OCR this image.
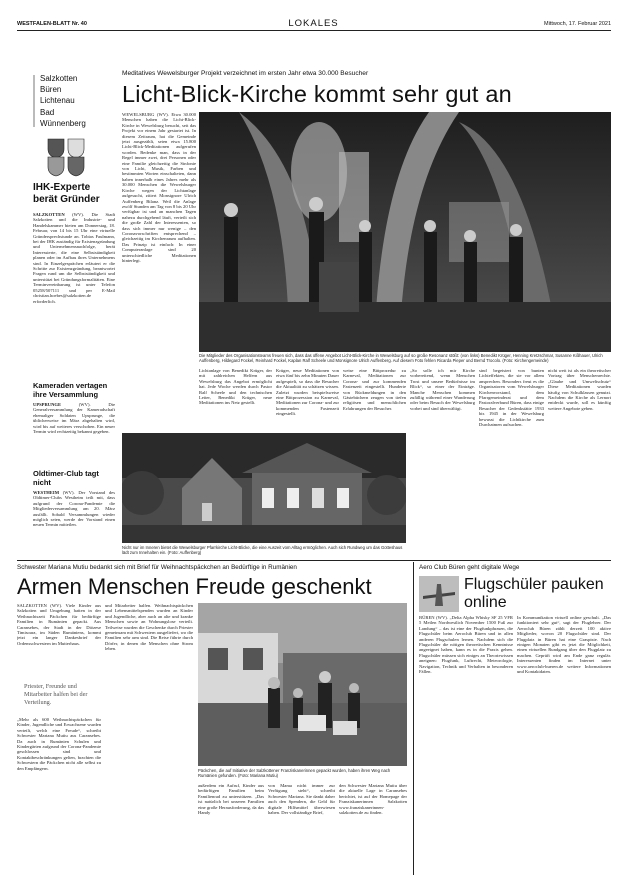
WESTFALEN-BLATT Nr. 40	LOKALES	Mittwoch, 17. Februar 2021
Salzkotten
Büren
Lichtenau
Bad
Wünnenberg
IHK-Experte berät Gründer
SALZKOTTEN (WV). Die Stadt Salzkotten und die Industrie- und Handelskammer bieten am Donnerstag, 18. Februar, von 14 bis 15 Uhr eine virtuelle Gründersprechstunde an. Tobias Faulmann, bei der IHK zuständig für Existenzgründung und Unternehmensnachfolge, berät Interessierte, die eine Selbstständigkeit planen oder im Aufbau ihres Unternehmens sind. In Einzelgesprächen erläutert er die Schritte zur Existenzgründung, beantwortet Fragen rund um die Selbstständigkeit und unterstützt bei Gründungsformalitäten. Eine Terminvereinbarung ist unter Telefon 05258/507111 und per E-Mail christian.hoebes@salzkotten.de erforderlich.
Kameraden vertagen ihre Versammlung
UPSPRUNGE	(WV). Die Generalversammlung der Kameradschaft ehemaliger Soldaten Upsprunge, die üblicherweise im März abgehalten wird, wird bis auf weiteres verschoben. Ein neuer Termin wird rechtzeitig bekannt gegeben.
Oldtimer-Club tagt nicht
WESTHEIM (WV). Der Vorstand des Oldtimer-Clubs Westheim teilt mit, dass aufgrund der Corona-Pandemie die Mitgliederversammlung am 20. März ausfällt. Sobald Versammlungen wieder möglich seien, werde der Vorstand einen neuen Termin mitteilen.
Meditatives Wewelsburger Projekt verzeichnet im ersten Jahr etwa 30.000 Besucher
Licht-Blick-Kirche kommt sehr gut an
WEWELSBURG (WV). Etwa 30.000 Menschen haben die Licht-Blick-Kirche in Wewelsburg besucht, seit das Projekt vor einem Jahr gestartet ist. In diesem Zeitraum, hat die Gemeinde jetzt ausgezählt, seien etwa 15.800 Licht-Blick-Meditationen aufgerufen worden. Bedenke man, dass in der Regel immer zwei, drei Personen oder eine Familie gleichzeitig die Sinfonie von Licht, Musik, Farben und bestimmten Worten einschalteten, dann haben innerhalb eines Jahres mehr als 30.000 Menschen die Wewelsburger Kirche wegen der Lichtanlage aufgesucht, zitiert Monsignore Ulrich Auffenberg Bilanz. Weil die Anlage zwölf Stunden am Tag von 8 bis 20 Uhr verfügbar ist und an manchen Tagen nahezu durchgehend läuft, verteilt sich die große Zahl der Interessenten, so dass sich immer nur wenige – den Coronavorschriften entsprechend – gleichzeitig im Kirchenraum aufhalten. Das Prinzip ist einfach: In einer Computeranlage sind 20 unterschiedliche Meditationen hinterlegt.
Die Mitglieder des Organisationsteams freuen sich, dass das offene Angebot Licht-Blick-Kirche in Wewelsburg auf so große Resonanz stößt: (von links) Benedikt Krüger, Henning Kretzschmar, Susanne Kißhauer, Ulrich Auffenberg, Hildegard Fockel, Reinhard Fockel, Kaplan Ralf Scheele und Monsignore Ulrich Auffenberg. Auf diesem Foto fehlen Ricarda Pieper und Bernd Trocolo. (Foto: Kirchengemeinde)
Lichtanlage von Benedikt Krüger, der mit zahlreichen Helfern aus Wewelsburg das Angebot ermöglicht hat. Jede Woche werden durch Pastor Ralf Scheele und den technischen Leiter, Benedikt Krüger, neue Meditationen ins Netz gestellt.
Krüger, neue Meditationen von etwa fünf bis zehn Minuten Dauer aufgespielt, so dass die Besucher die Aktualität zu schätzen wissen. Zuletzt wurden beispielsweise eine Bittprozession zu Karneval, Meditationen zur Corona- und zur kommenden Fastenzeit eingestellt.
weise eine Bittprozedur zu Karneval, Meditationen zur Corona- und zur kommenden Fastenzeit eingestellt. Hunderte von Rückmeldungen in den Gästebüchern zeugen von tiefen religiösen und menschlichen Erfahrungen der Besucher.
„So solle ich mir Kirche vorbereitend, wenn Menschen Trost und unsere Bedürfnisse im Blick“, so einer der Einträge. Manche Menschen kommen zufällig während einer Wanderung oder beim Besuch der Wewelsburg vorbei und sind überwältigt.
sind begeistert von bunten Lichteffekten, die sie vor allem ansprechen. Besonders freut es die Organisatoren vom Wewelsburger Kirchenvorstand, dem Pfarrgemeinderat und dem Pastoralverbund Büren, dass einige Besucher der Gedenkstätte 1933 bis 1945 in der Wewelsburg bewusst die Lichtkirche zum Durchatmen aufsuchen.
nicht weit ist als ein theoretischer Vortrag über Menschenrechte. „Glaube und Umweltschutz“ Diese Meditationen wurden häufig von Schulklassen genutzt. Nachdem die Kirche als Lernort entdeckt wurde, soll es künftig weitere Angebote geben.
Nicht nur im Inneren bietet die Wewelsburger Pfarrkirche Licht-Blicke, die eine Auszeit vom Alltag ermöglichen. Auch sich Rundweg um das Gotteshaus lädt zum Innehalten ein. (Foto: Auffenberg)
Schwester Mariana Mutiu bedankt sich mit Brief für Weihnachtspäckchen an Bedürftige in Rumänien
Armen Menschen Freude geschenkt
SALZKOTTEN (WV). Viele Kinder aus Salzkotten und Umgebung hatten in der Weihnachtszeit Päckchen für bedürftige Familien in Rumänien gepackt. Aus Caransebes, der Stadt in der Diözese Timisoara, im Süden Rumäniens, kommt jetzt ein langer Dankesbrief der Ordensschwestern im Mutterhaus.
Priester, Freunde und Mitarbeiter halfen bei der Verteilung.
„Mehr als 600 Weihnachtspäckchen für Kinder, Jugendliche und Erwachsene wurden verteilt, welch eine Freude“, schreibt Schwester Mariana Mutiu aus Caransebes. Da auch in Rumänien Schulen und Kindergärten aufgrund der Corona-Pandemie geschlossen sind und Kontaktbeschränkungen gelten, brachten die Schwestern die Päckchen nicht alle selbst zu den Empfängern.
und Mitarbeiter halfen. Weihnachtspäckchen und Lebensmittelspenden wurden an Kinder und Jugendliche, aber auch an alte und kranke Menschen sowie an Wohnungslose verteilt. Teilweise wurden die Geschenke durch Priester gemeinsam mit Schwestern ausgeliefert, wo die Familien sehr arm sind. Die Reise führte durch Dörfer, in denen die Menschen ohne Strom leben.
Päckchen, die auf Initiative der Salzkottener Franziskanerinnen gepackt wurden, haben ihren Weg nach Rumänien gefunden. (Foto: Mariana Mutiu)
außerdem ein Aufruf, Kinder aus bedürftigen Familien beim Familienrad zu unterstützen. „Das ist natürlich bei unseren Familien eine große Herausforderung, da das Handy
von Mama nicht immer zur Verfügung steht“, schreibt Schwester Mariana. Sie dankt daher auch den Spendern, die Geld für digitale Hilfsmittel überwiesen haben. Der vollständige Brief,
den Schwester Mariana Mutiu über die aktuelle Lage in Caransebes berichtet, ist auf der Homepage der Franziskanerinnen Salzkotten www.franziskanerinnen-salzkotten.de zu finden.
Aero Club Büren geht digitale Wege
Flugschüler pauken online
BÜREN (WV). „Delta Alpha Whisky SF 25 VFR 5 Meilen Nordwestlich November 1500 Fuß zur Landung“ – das ist eine der Flugfunkphrasen, die Flugschüler beim Aeroclub Büren und in allen anderen Flugschulen lernen. Nachdem sich die Flugschüler die nötigen theoretischen Kenntnisse angeeignet haben, kann es in die Praxis gehen. Flugschüler müssen sich einiges an Theoriewissen aneignen: Flugfunk, Luftrecht, Meteorologie, Navigation, Technik und Verhalten in besonderen Fällen.
In Kommunikation virtuell online geschult. „Das funktioniert sehr gut“, sagt der Fluglehrer. Der Aeroclub Büren zählt derzeit 100 aktive Mitglieder, wovon 20 Flugschüler sind. Der Flugplatz in Büren hat eine Graspiste. Nach einigen Monaten gibt es jetzt die Möglichkeit, einen virtuellen Rundgang über den Flugplatz zu machen. Geprüft wird am Ende ganz regulär. Interessenten finden im Internet unter www.aeroclub-bueren.de weitere Informationen und Kontaktdaten.
